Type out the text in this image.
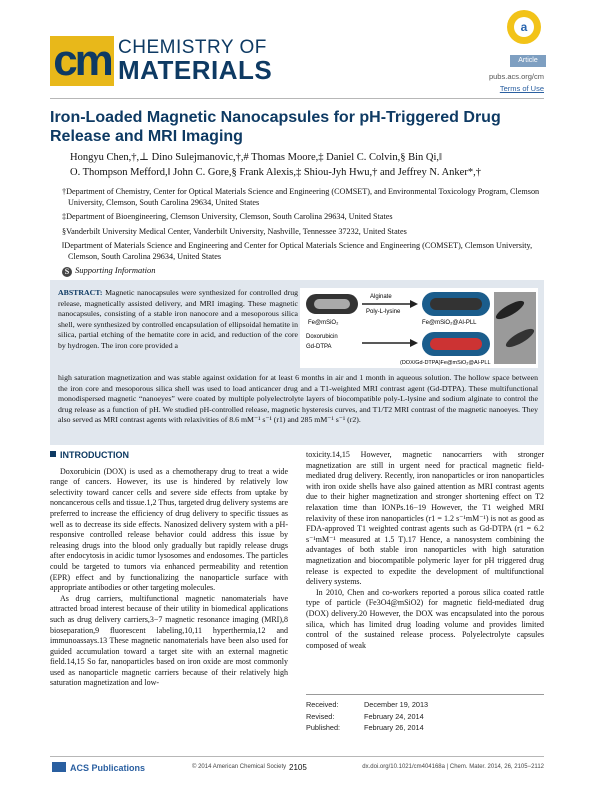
cm CHEMISTRY OF
MATERIALS
a
Article
pubs.acs.org/cm
Terms of Use
Iron-Loaded Magnetic Nanocapsules for pH-Triggered Drug Release and MRI Imaging
Hongyu Chen,†,⊥ Dino Sulejmanovic,†,# Thomas Moore,‡ Daniel C. Colvin,§ Bin Qi,‖
O. Thompson Mefford,‖ John C. Gore,§ Frank Alexis,‡ Shiou-Jyh Hwu,† and Jeffrey N. Anker*,†

†Department of Chemistry, Center for Optical Materials Science and Engineering (COMSET), and Environmental Toxicology Program, Clemson University, Clemson, South Carolina 29634, United States

‡Department of Bioengineering, Clemson University, Clemson, South Carolina 29634, United States

§Vanderbilt University Medical Center, Vanderbilt University, Nashville, Tennessee 37232, United States

‖Department of Materials Science and Engineering and Center for Optical Materials Science and Engineering (COMSET), Clemson University, Clemson, South Carolina 29634, United States

S Supporting Information
ABSTRACT: Magnetic nanocapsules were synthesized for controlled drug release, magnetically assisted delivery, and MRI imaging. These magnetic nanocapsules, consisting of a stable iron nanocore and a mesoporous silica shell, were synthesized by controlled encapsulation of ellipsoidal hematite in silica, partial etching of the hematite core in acid, and reduction of the core by hydrogen. The iron core provided a
Alginate
Poly-L-lysine
Fe@mSiO₂	Fe@mSiO₂@Al-PLL
Doxorubicin
Gd-DTPA
(DOX/Gd-DTPA)Fe@mSiO₂@Al-PLL
high saturation magnetization and was stable against oxidation for at least 6 months in air and 1 month in aqueous solution. The hollow space between the iron core and mesoporous silica shell was used to load anticancer drug and a T1-weighted MRI contrast agent (Gd-DTPA). These multifunctional monodispersed magnetic “nanoeyes” were coated by multiple polyelectrolyte layers of biocompatible poly-L-lysine and sodium alginate to control the drug release as a function of pH. We studied pH-controlled release, magnetic hysteresis curves, and T1/T2 MRI contrast of the magnetic nanoeyes. They also served as MRI contrast agents with relaxivities of 8.6 mM⁻¹ s⁻¹ (r1) and 285 mM⁻¹ s⁻¹ (r2).
INTRODUCTION

Doxorubicin (DOX) is used as a chemotherapy drug to treat a wide range of cancers. However, its use is hindered by relatively low selectivity toward cancer cells and severe side effects from uptake by noncancerous cells and tissue.1,2 Thus, targeted drug delivery systems are preferred to increase the efficiency of drug delivery to specific tissues as well as to decrease its side effects. Nanosized delivery system with a pH-responsive controlled release behavior could address this issue by releasing drugs into the blood only gradually but rapidly release drugs after endocytosis in acidic tumor lysosomes and endosomes. The particles could be targeted to tumors via enhanced permeability and retention (EPR) effect and by functionalizing the nanoparticle surface with appropriate antibodies or other targeting molecules.

As drug carriers, multifunctional magnetic nanomaterials have attracted broad interest because of their utility in biomedical applications such as drug delivery carriers,3−7 magnetic resonance imaging (MRI),8 bioseparation,9 fluorescent labeling,10,11 hyperthermia,12 and immunoassays.13 These magnetic nanomaterials have been also used for guided accumulation toward a target site with an external magnetic field.14,15 So far, nanoparticles based on iron oxide are most commonly used as nanoparticle magnetic carriers because of their relatively high saturation magnetization and low-

toxicity.14,15 However, magnetic nanocarriers with stronger magnetization are still in urgent need for practical magnetic field-mediated drug delivery. Recently, iron nanoparticles or iron nanoparticles with iron oxide shells have also gained attention as MRI contrast agents due to their higher magnetization and stronger shortening effect on T2 relaxation time than IONPs.16−19 However, the T1 weighed MRI relaxivity of these iron nanoparticles (r1 = 1.2 s⁻¹mM⁻¹) is not as good as FDA-approved T1 weighted contrast agents such as Gd-DTPA (r1 = 6.2 s⁻¹mM⁻¹ measured at 1.5 T).17 Hence, a nanosystem combining the advantages of both stable iron nanoparticles with high saturation magnetization and biocompatible polymeric layer for pH triggered drug release is expected to expedite the development of multifunctional delivery systems.

In 2010, Chen and co-workers reported a porous silica coated rattle type of particle (Fe3O4@mSiO2) for magnetic field-mediated drug (DOX) delivery.20 However, the DOX was encapsulated into the porous silica, which has limited drug loading volume and provides limited control of the sustained release process. Polyelectrolyte capsules composed of weak

Received:	December 19, 2013
Revised:	February 24, 2014
Published:	February 26, 2014
ACS Publications	© 2014 American Chemical Society 2105	dx.doi.org/10.1021/cm404168a | Chem. Mater. 2014, 26, 2105−2112
